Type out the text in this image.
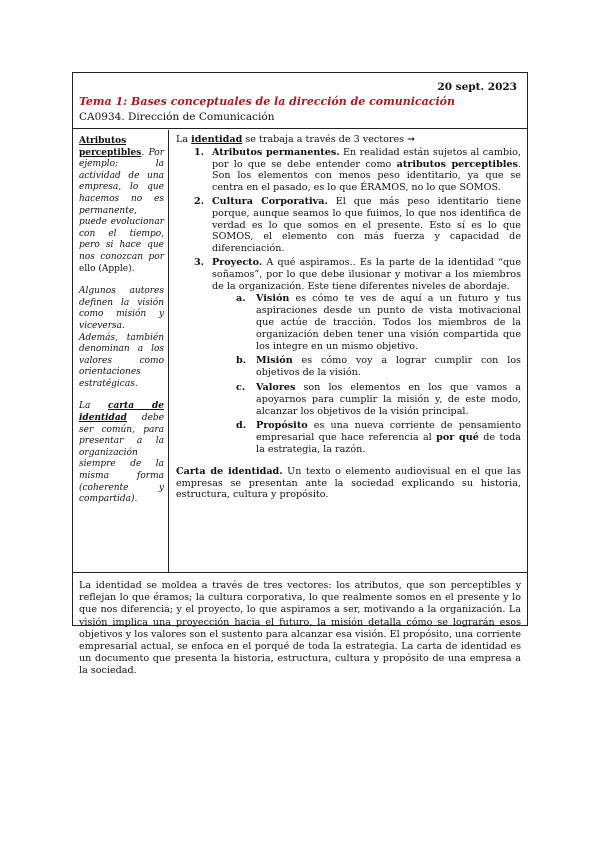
20 sept. 2023
Tema 1: Bases conceptuales de la dirección de comunicación
CA0934. Dirección de Comunicación

Atributos perceptibles. Por ejemplo; la actividad de una empresa, lo que hacemos no es permanente, puede evolucionar con el tiempo, pero si hace que nos conozcan por ello (Apple).

Algunos autores definen la visión como misión y viceversa. Además, también denominan a los valores como orientaciones estratégicas.

La carta de identidad debe ser común, para presentar a la organización siempre de la misma forma (coherente y compartida).

La identidad se trabaja a través de 3 vectores ➞
1. Atributos permanentes. En realidad están sujetos al cambio, por lo que se debe entender como atributos perceptibles. Son los elementos con menos peso identitario, ya que se centra en el pasado, es lo que ÉRAMOS, no lo que SOMOS.
2. Cultura Corporativa. El que más peso identitario tiene porque, aunque seamos lo que fuimos, lo que nos identifica de verdad es lo que somos en el presente. Esto sí es lo que SOMOS, el elemento con más fuerza y capacidad de diferenciación.
3. Proyecto. A qué aspiramos.. Es la parte de la identidad “que soñamos”, por lo que debe ilusionar y motivar a los miembros de la organización. Este tiene diferentes niveles de abordaje.
a. Visión es cómo te ves de aquí a un futuro y tus aspiraciones desde un punto de vista motivacional que actúe de tracción. Todos los miembros de la organización deben tener una visión compartida que los integre en un mismo objetivo.
b. Misión es cómo voy a lograr cumplir con los objetivos de la visión.
c. Valores son los elementos en los que vamos a apoyarnos para cumplir la misión y, de este modo, alcanzar los objetivos de la visión principal.
d. Propósito es una nueva corriente de pensamiento empresarial que hace referencia al por qué de toda la estrategia, la razón.
Carta de identidad. Un texto o elemento audiovisual en el que las empresas se presentan ante la sociedad explicando su historia, estructura, cultura y propósito.
La identidad se moldea a través de tres vectores: los atributos, que son perceptibles y reflejan lo que éramos; la cultura corporativa, lo que realmente somos en el presente y lo que nos diferencia; y el proyecto, lo que aspiramos a ser, motivando a la organización. La visión implica una proyección hacia el futuro, la misión detalla cómo se lograrán esos objetivos y los valores son el sustento para alcanzar esa visión. El propósito, una corriente empresarial actual, se enfoca en el porqué de toda la estrategia. La carta de identidad es un documento que presenta la historia, estructura, cultura y propósito de una empresa a la sociedad.
